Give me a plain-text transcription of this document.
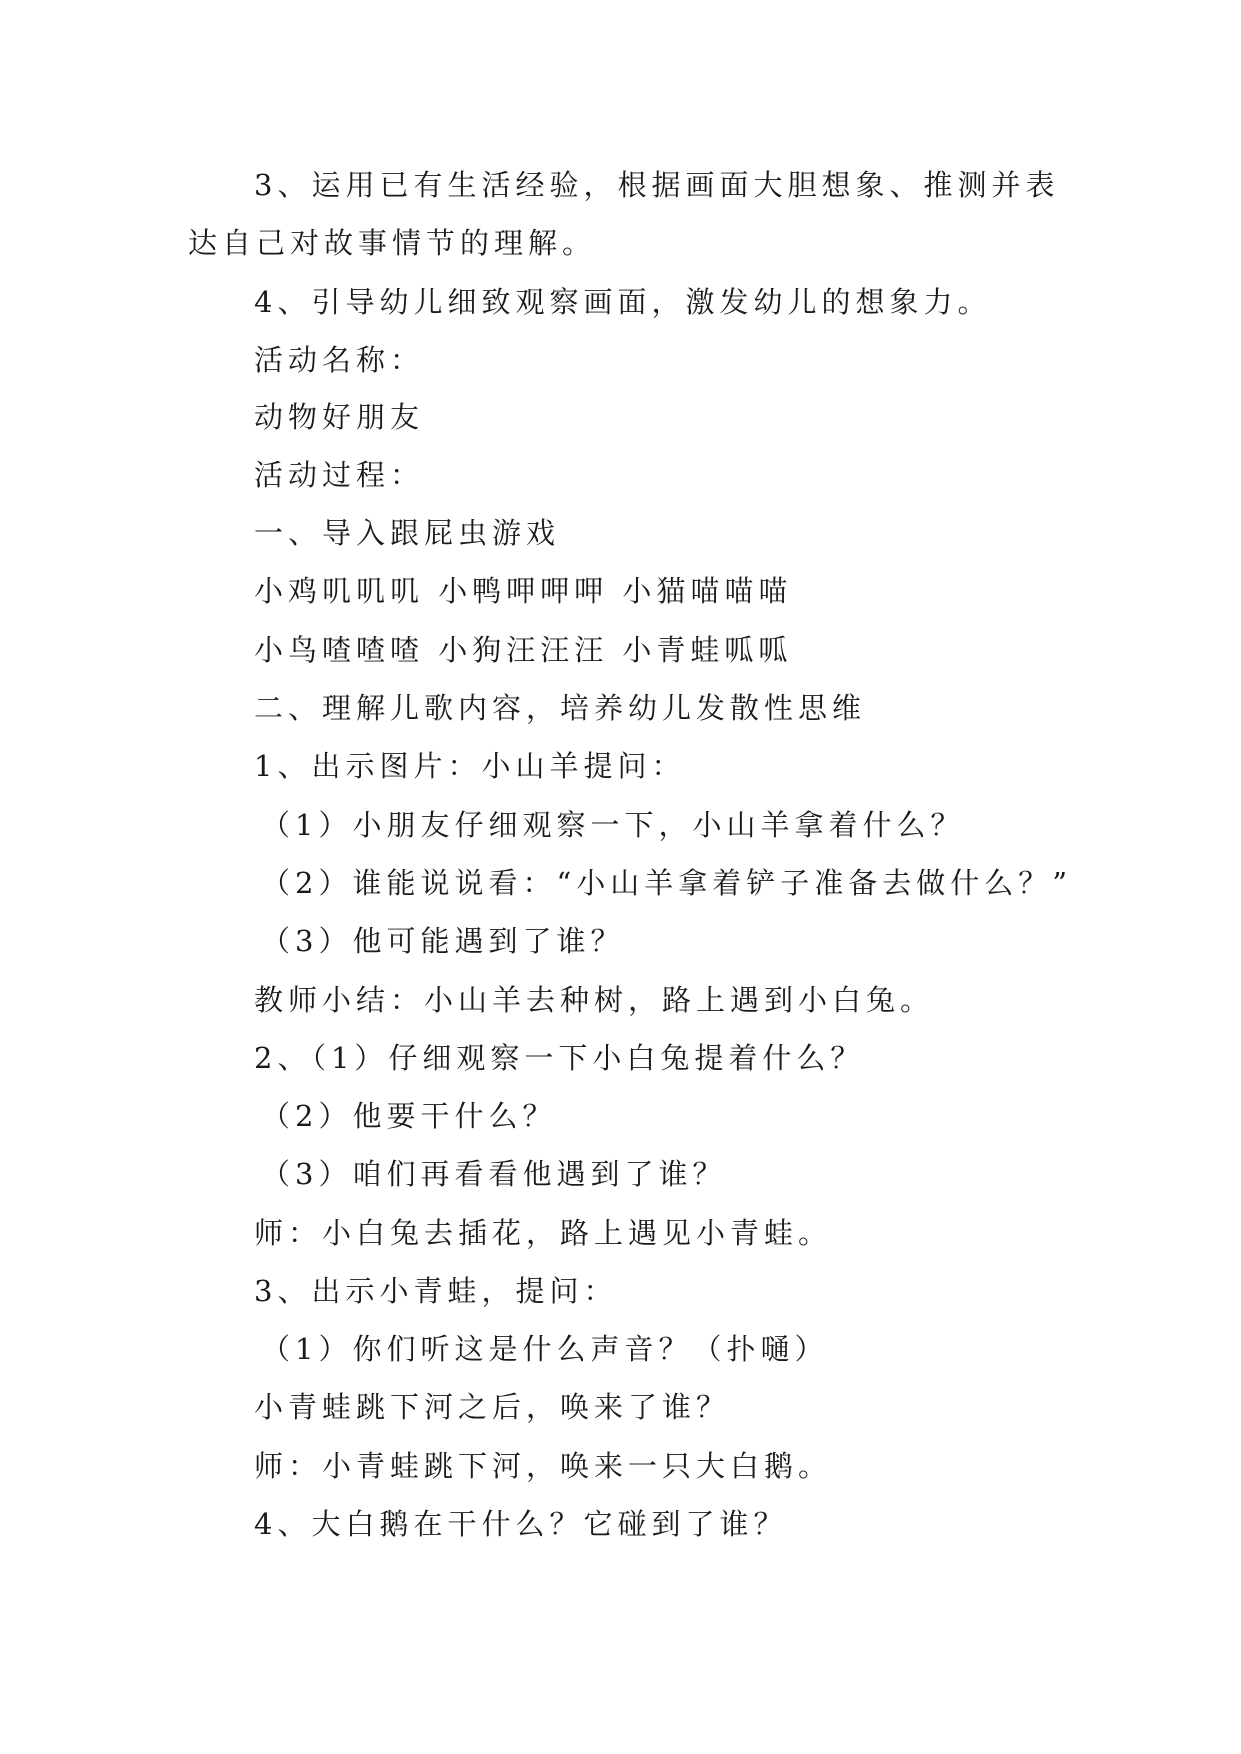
3、运用已有生活经验，根据画面大胆想象、推测并表
达自己对故事情节的理解。
4、引导幼儿细致观察画面，激发幼儿的想象力。
活动名称：
动物好朋友
活动过程：
一、导入跟屁虫游戏
小鸡叽叽叽 小鸭呷呷呷 小猫喵喵喵
小鸟喳喳喳 小狗汪汪汪 小青蛙呱呱
二、理解儿歌内容，培养幼儿发散性思维
1、出示图片：小山羊提问：
（1）小朋友仔细观察一下，小山羊拿着什么？
（2）谁能说说看：“小山羊拿着铲子准备去做什么？”
（3）他可能遇到了谁？
教师小结：小山羊去种树，路上遇到小白兔。
2、（1）仔细观察一下小白兔提着什么？
（2）他要干什么？
（3）咱们再看看他遇到了谁？
师：小白兔去插花，路上遇见小青蛙。
3、出示小青蛙，提问：
（1）你们听这是什么声音？（扑嗵）
小青蛙跳下河之后，唤来了谁？
师：小青蛙跳下河，唤来一只大白鹅。
4、大白鹅在干什么？它碰到了谁？
